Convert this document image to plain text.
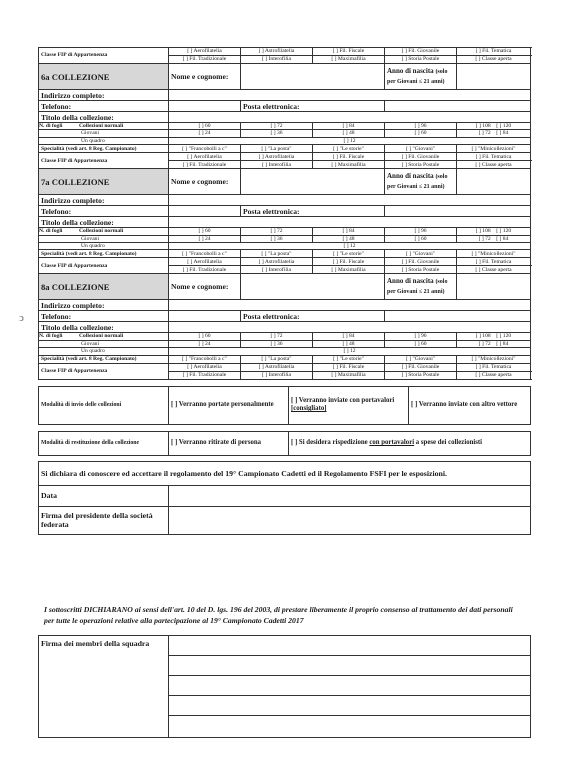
ↄ
Classe FIP di Appartenenza	[ ] Aerofilatelia	[ ] Astrofilatelia	[ ] Fil. Fiscale	[ ] Fil. Giovanile	[ ] Fil. Tematica
	[ ] Fil. Tradizionale	[ ] Interofilia	[ ] Maximafilia	[ ] Storia Postale	[ ] Classe aperta
6a COLLEZIONE	Nome e cognome:			Anno di nascita (solo per Giovani ≤ 21 anni)	
Indirizzo completo:					
Telefono:		Posta elettronica:			
Titolo della collezione:					
N. di fogli Collezioni normali	[ ] 60	[ ] 72	[ ] 84	[ ] 96	[ ] 108    [ ] 120
Giovani	[ ] 24	[ ] 36	[ ] 48	[ ] 60	[ ] 72    [ ] 84
Un quadro	[ ] 12				
Specialità (vedi art. 8 Reg. Campionato)	[ ] "Francobolli a c"	[ ] "La posta"	[ ] "Le storie"	[ ] "Giovani"	[ ] "Minicollezioni"
Classe FIP di Appartenenza	[ ] Aerofilatelia	[ ] Astrofilatelia	[ ] Fil. Fiscale	[ ] Fil. Giovanile	[ ] Fil. Tematica
	[ ] Fil. Tradizionale	[ ] Interofilia	[ ] Maximafilia	[ ] Storia Postale	[ ] Classe aperta
7a COLLEZIONE	Nome e cognome:			Anno di nascita (solo per Giovani ≤ 21 anni)	
Indirizzo completo:					
Telefono:		Posta elettronica:			
Titolo della collezione:					
N. di fogli Collezioni normali	[ ] 60	[ ] 72	[ ] 84	[ ] 96	[ ] 108    [ ] 120
Giovani	[ ] 24	[ ] 36	[ ] 48	[ ] 60	[ ] 72    [ ] 84
Un quadro	[ ] 12				
Specialità (vedi art. 8 Reg. Campionato)	[ ] "Francobolli a c"	[ ] "La posta"	[ ] "Le storie"	[ ] "Giovani"	[ ] "Minicollezioni"
Classe FIP di Appartenenza	[ ] Aerofilatelia	[ ] Astrofilatelia	[ ] Fil. Fiscale	[ ] Fil. Giovanile	[ ] Fil. Tematica
	[ ] Fil. Tradizionale	[ ] Interofilia	[ ] Maximafilia	[ ] Storia Postale	[ ] Classe aperta
8a COLLEZIONE	Nome e cognome:			Anno di nascita (solo per Giovani ≤ 21 anni)	
Indirizzo completo:					
Telefono:		Posta elettronica:			
Titolo della collezione:					
N. di fogli Collezioni normali	[ ] 60	[ ] 72	[ ] 84	[ ] 96	[ ] 108    [ ] 120
Giovani	[ ] 24	[ ] 36	[ ] 48	[ ] 60	[ ] 72    [ ] 84
Un quadro	[ ] 12				
Specialità (vedi art. 8 Reg. Campionato)	[ ] "Francobolli a c"	[ ] "La posta"	[ ] "Le storie"	[ ] "Giovani"	[ ] "Minicollezioni"
Classe FIP di Appartenenza	[ ] Aerofilatelia	[ ] Astrofilatelia	[ ] Fil. Fiscale	[ ] Fil. Giovanile	[ ] Fil. Tematica
	[ ] Fil. Tradizionale	[ ] Interofilia	[ ] Maximafilia	[ ] Storia Postale	[ ] Classe aperta
Modalità di invio delle collezioni	[ ] Verranno portate personalmente	[ ] Verranno inviate con portavalori [consigliato]	[ ] Verranno inviate con altro vettore
Modalità di restituzione della collezione	[ ] Verranno ritirate di persona	[ ] Si desidera rispedizione con portavalori a spese dei collezionisti
Si dichiara di conoscere ed accettare il regolamento del 19° Campionato Cadetti ed il Regolamento FSFI per le esposizioni.	
Data	
Firma del presidente della società federata	
I sottoscritti DICHIARANO ai sensi dell'art. 10 del D. lgs. 196 del 2003, di prestare liberamente il proprio consenso al trattamento dei dati personali per tutte le operazioni relative alla partecipazione al 19° Campionato Cadetti 2017
Firma dei membri della squadra	
